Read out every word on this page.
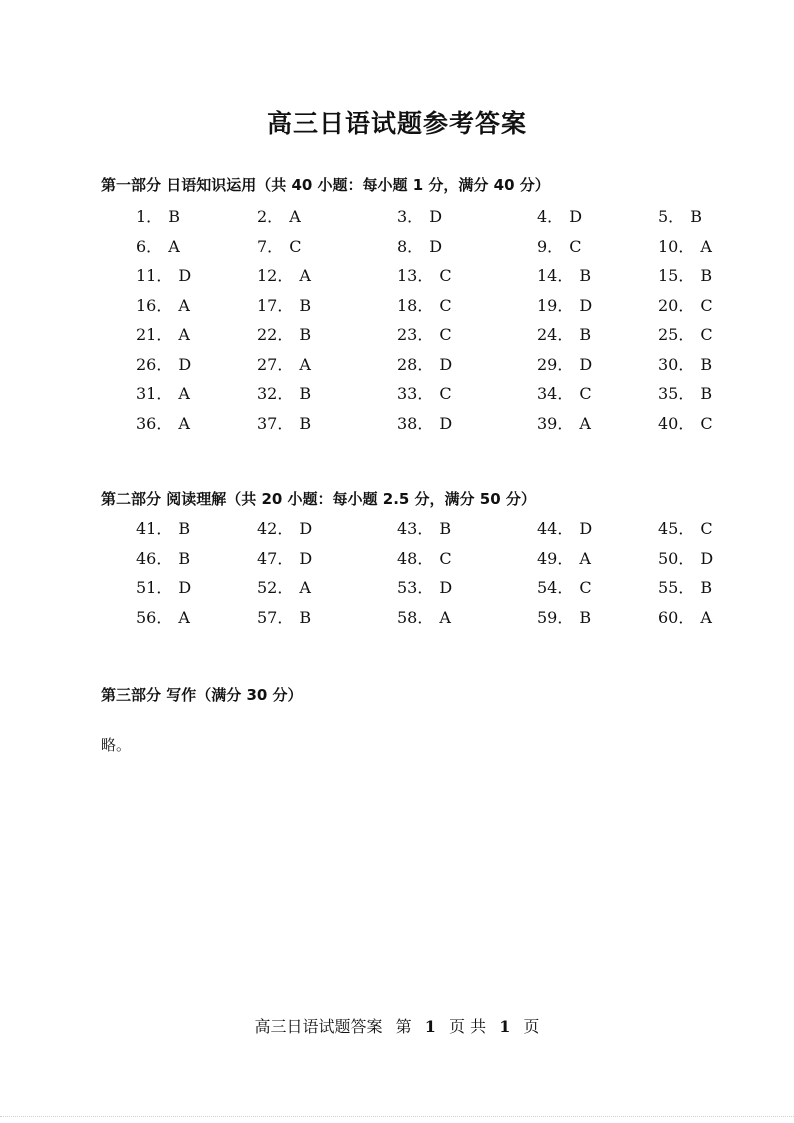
高三日语试题参考答案
第一部分 日语知识运用（共 40 小题：每小题 1 分，满分 40 分）
1． B	2． A	3． D	4． D	5． B
6． A	7． C	8． D	9． C	10． A
11． D	12． A	13． C	14． B	15． B
16． A	17． B	18． C	19． D	20． C
21． A	22． B	23． C	24． B	25． C
26． D	27． A	28． D	29． D	30． B
31． A	32． B	33． C	34． C	35． B
36． A	37． B	38． D	39． A	40． C
第二部分 阅读理解（共 20 小题：每小题 2.5 分，满分 50 分）
41． B	42． D	43． B	44． D	45． C
46． B	47． D	48． C	49． A	50． D
51． D	52． A	53． D	54． C	55． B
56． A	57． B	58． A	59． B	60． A
第三部分 写作（满分 30 分）
略。
高三日语试题答案 第 1 页 共 1 页
